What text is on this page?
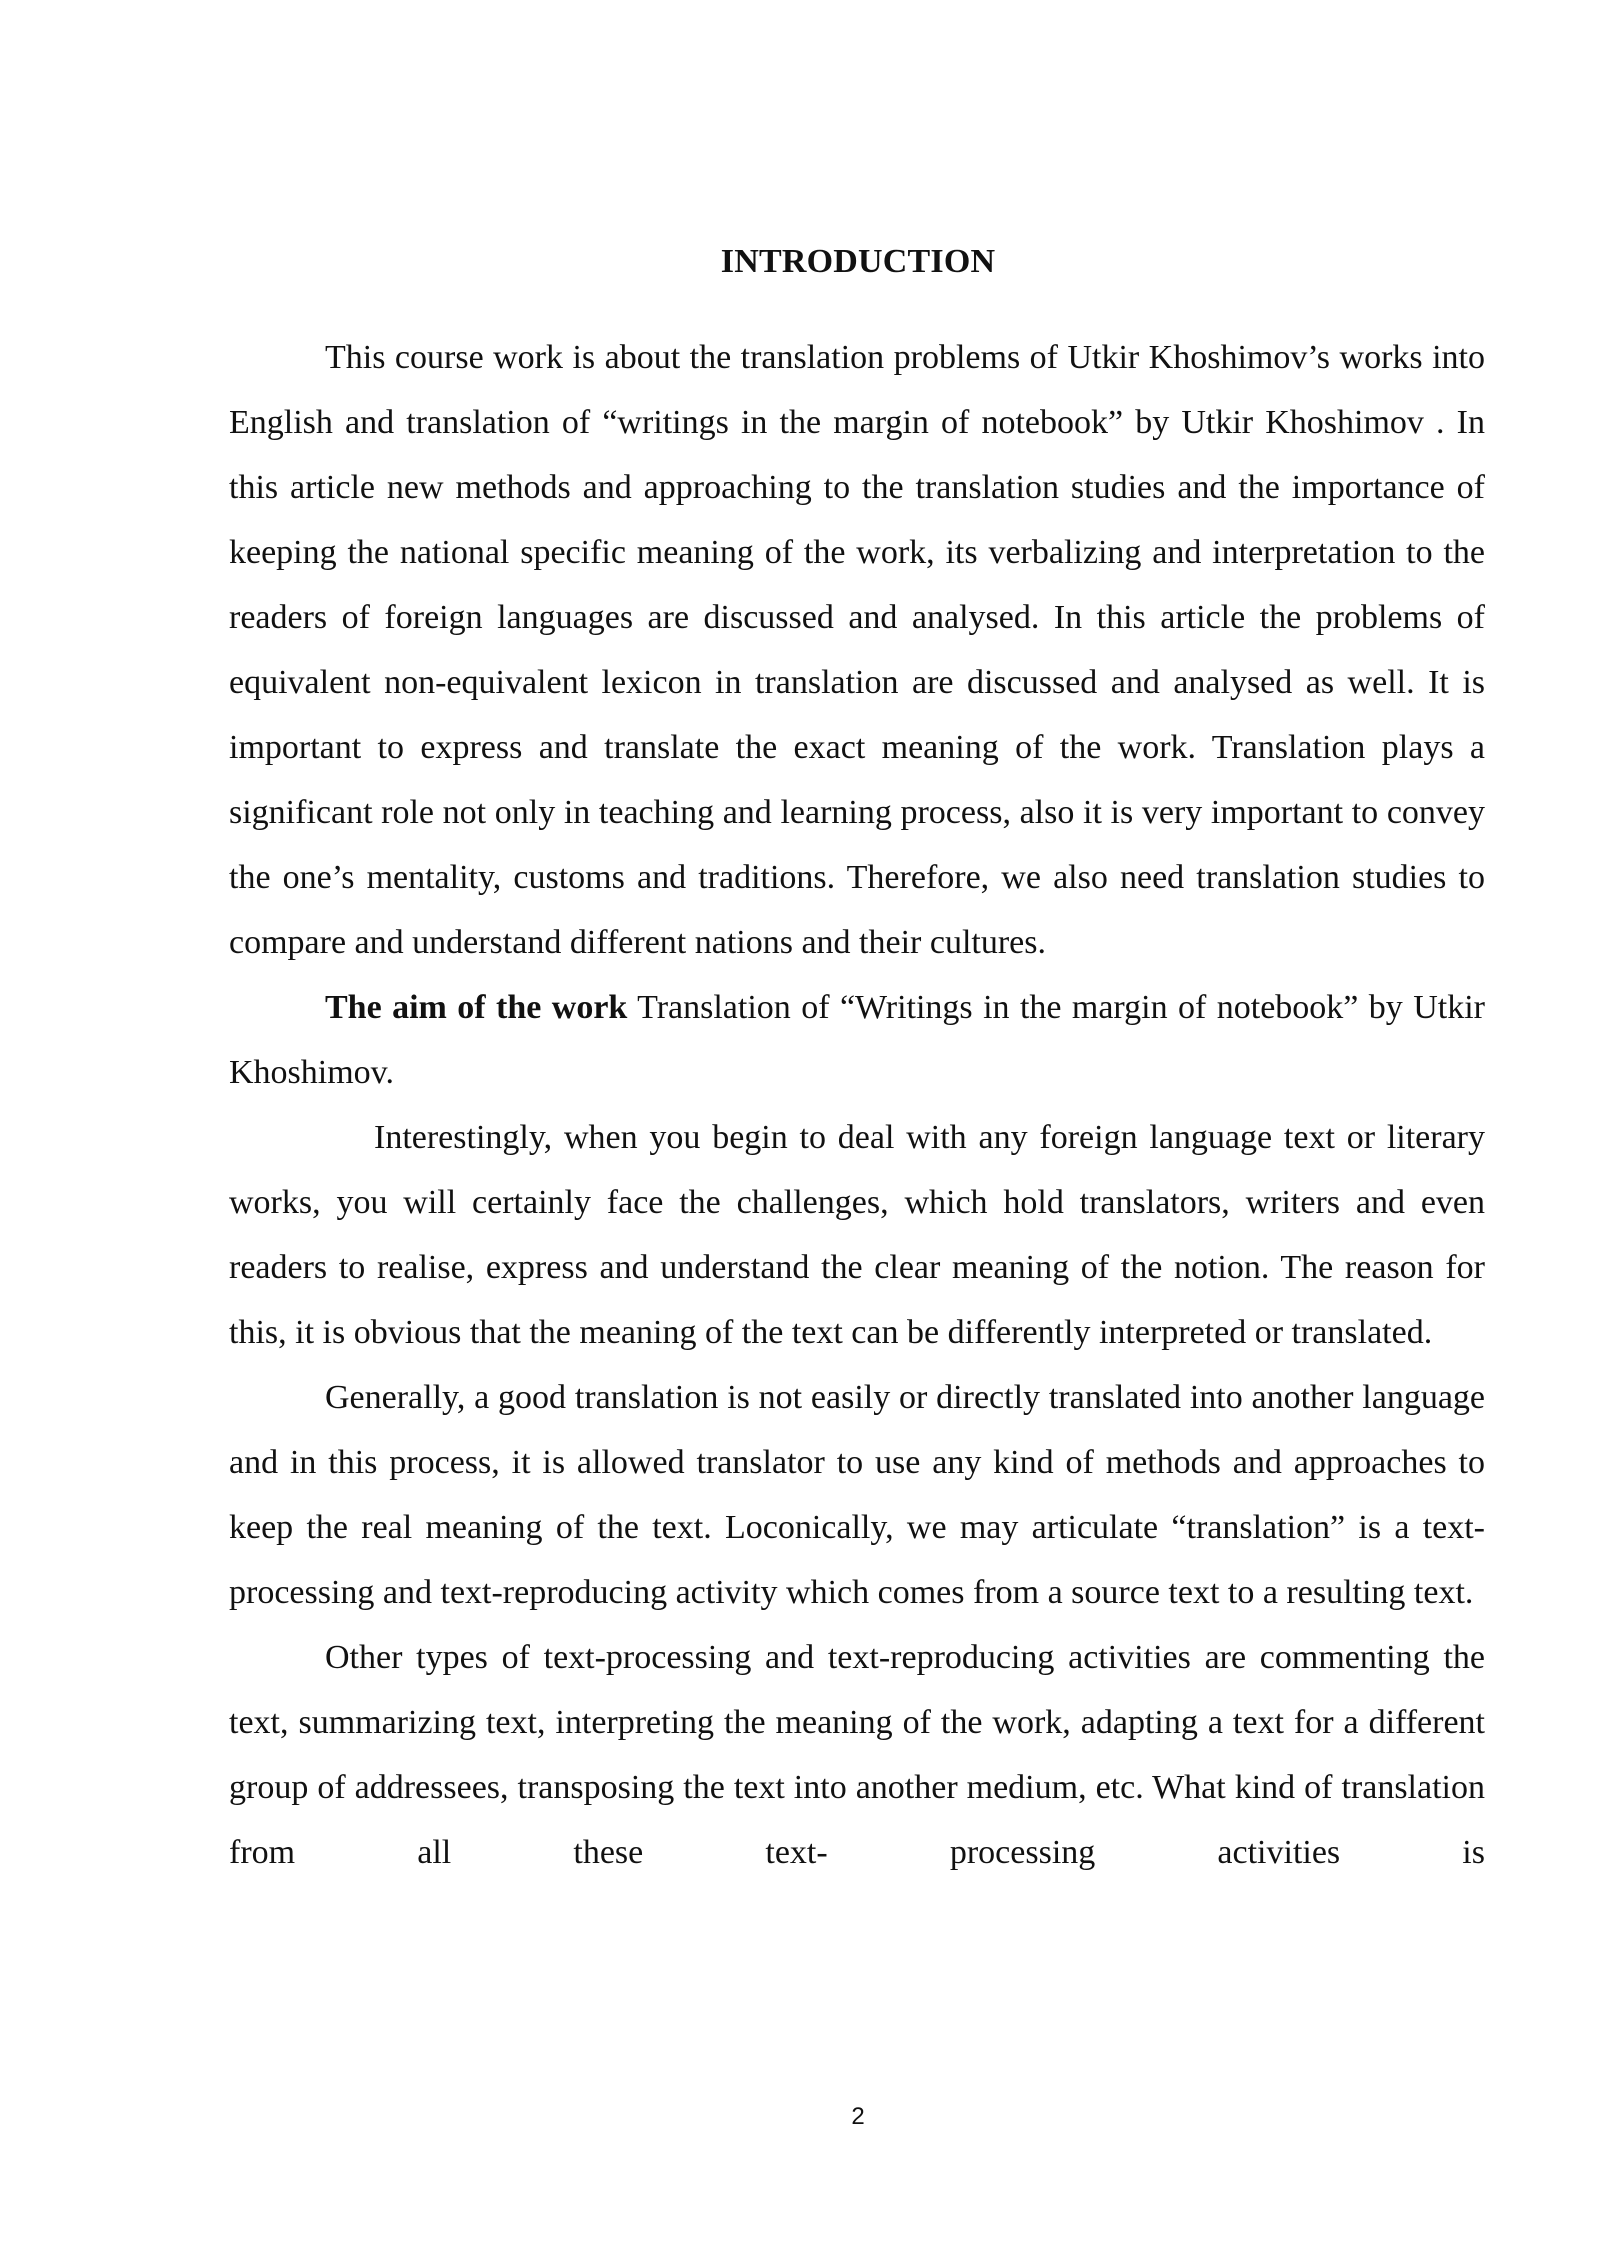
INTRODUCTION

This course work is about the translation problems of Utkir Khoshimov’s works into English and translation of “writings in the margin of notebook” by Utkir Khoshimov . In this article new methods and approaching to the translation studies and the importance of keeping the national specific meaning of the work, its verbalizing and interpretation to the readers of foreign languages are discussed and analysed. In this article the problems of equivalent non-equivalent lexicon in translation are discussed and analysed as well. It is important to express and translate the exact meaning of the work. Translation plays a significant role not only in teaching and learning process, also it is very important to convey the one’s mentality, customs and traditions. Therefore, we also need translation studies to compare and understand different nations and their cultures.

The aim of the work Translation of “Writings in the margin of notebook” by Utkir Khoshimov.

Interestingly, when you begin to deal with any foreign language text or literary works, you will certainly face the challenges, which hold translators, writers and even readers to realise, express and understand the clear meaning of the notion. The reason for this, it is obvious that the meaning of the text can be differently interpreted or translated.

Generally, a good translation is not easily or directly translated into another language and in this process, it is allowed translator to use any kind of methods and approaches to keep the real meaning of the text. Loconically, we may articulate “translation” is a text-processing and text-reproducing activity which comes from a source text to a resulting text.

Other types of text-processing and text-reproducing activities are commenting the text, summarizing text, interpreting the meaning of the work, adapting a text for a different group of addressees, transposing the text into another medium, etc. What kind of translation from all these text- processing activities is

2
